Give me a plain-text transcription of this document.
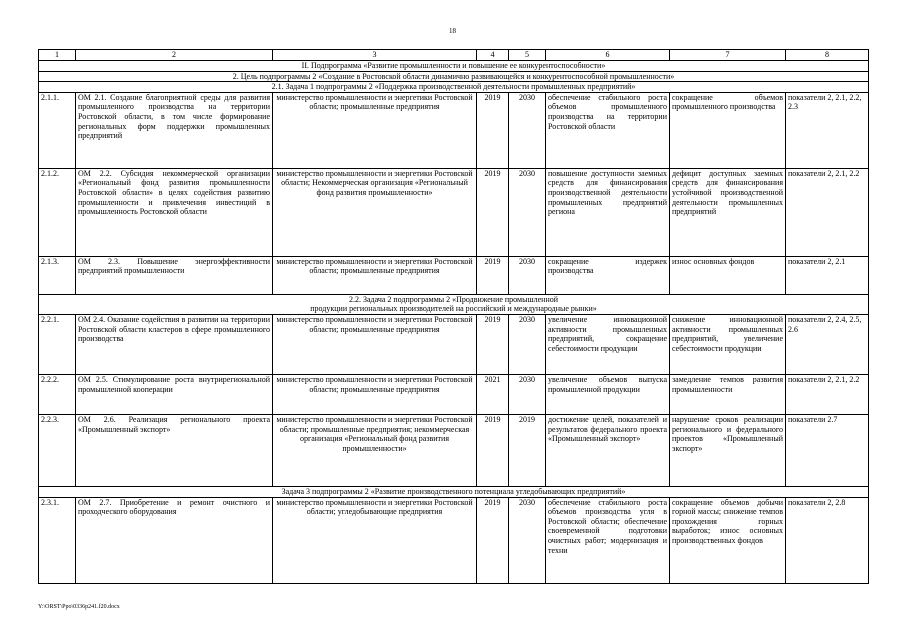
18
1	2	3	4	5	6	7	8
II. Подпрограмма «Развитие промышленности и повышение ее конкурентоспособности»							
2. Цель подпрограммы 2 «Создание в Ростовской области динамично развивающейся и конкурентоспособной промышленности»							
2.1. Задача 1 подпрограммы 2 «Поддержка производственной деятельности промышленных предприятий»							
2.1.1.	ОМ 2.1. Создание благоприятной среды для развития промышленного производства на территории Ростовской области, в том числе формирование региональных форм поддержки промышленных предприятий	министерство промышленности и энергетики Ростовской области; промышленные предприятия	2019	2030	обеспечение стабильного роста объемов промышленного производства на территории Ростовской области	сокращение объемов промышленного производства	показатели 2, 2.1, 2.2, 2.3
2.1.2.	ОМ 2.2. Субсидия некоммерческой организации «Региональный фонд развития промышленности Ростовской области» в целях содействия развитию промышленности и привлечения инвестиций в промышленность Ростовской области	министерство промышленности и энергетики Ростовской области; Некоммерческая организация «Региональный фонд развития промышленности»	2019	2030	повышение доступности заемных средств для финансирования производственной деятельности промышленных предприятий региона	дефицит доступных заемных средств для финансирования устойчивой производственной деятельности промышленных предприятий	показатели 2, 2.1, 2.2
2.1.3.	ОМ 2.3. Повышение энергоэффективности предприятий промышленности	министерство промышленности и энергетики Ростовской области; промышленные предприятия	2019	2030	сокращение издержек производства	износ основных фондов	показатели 2, 2.1

2.2. Задача 2 подпрограммы 2 «Продвижение промышленной
продукции региональных производителей на российский и международные рынки»							

2.2.1.	ОМ 2.4. Оказание содействия в развитии на территории Ростовской области кластеров в сфере промышленного производства	министерство промышленности и энергетики Ростовской области; промышленные предприятия	2019	2030	увеличение инновационной активности промышленных предприятий, сокращение себестоимости продукции	снижение инновационной активности промышленных предприятий, увеличение себестоимости продукции	показатели 2, 2.4, 2.5, 2.6
2.2.2.	ОМ 2.5. Стимулирование роста внутрирегиональной промышленной кооперации	министерство промышленности и энергетики Ростовской области; промышленные предприятия	2021	2030	увеличение объемов выпуска промышленной продукции	замедление темпов развития промышленности	показатели 2, 2.1, 2.2
2.2.3.	ОМ 2.6. Реализация регионального проекта «Промышленный экспорт»	министерство промышленности и энергетики Ростовской области; промышленные предприятия; некоммерческая организация «Региональный фонд развития промышленности»	2019	2019	достижение целей, показателей и результатов федерального проекта «Промышленный экспорт»	нарушение сроков реализации регионального и федерального проектов «Промышленный экспорт»	показатели 2.7
Задача 3 подпрограммы 2 «Развитие производственного потенциала угледобывающих предприятий»							
2.3.1.	ОМ 2.7. Приобретение и ремонт очистного и проходческого оборудования	министерство промышленности и энергетики Ростовской области; угледобывающие предприятия	2019	2030	обеспечение стабильного роста объемов производства угля в Ростовской области; обеспечение своевременной подготовки очистных работ; модернизация и техни	сокращение объемов добычи горной массы; снижение темпов прохождения горных выработок; износ основных производственных фондов	показатели 2, 2.8
Y:\ORST\Ppo\0336p241.f20.docx
